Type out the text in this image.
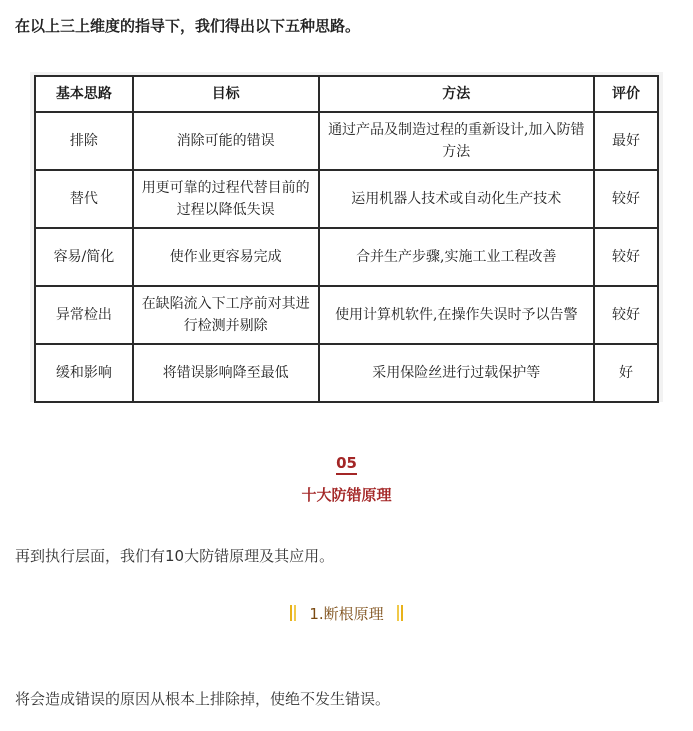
在以上三上维度的指导下，我们得出以下五种思路。
基本思路	目标	方法	评价
排除	消除可能的错误	通过产品及制造过程的重新设计,加入防错方法	最好
替代	用更可靠的过程代替目前的过程以降低失误	运用机器人技术或自动化生产技术	较好
容易/简化	使作业更容易完成	合并生产步骤,实施工业工程改善	较好
异常检出	在缺陷流入下工序前对其进行检测并剔除	使用计算机软件,在操作失误时予以告警	较好
缓和影响	将错误影响降至最低	采用保险丝进行过载保护等	好
05
十大防错原理
再到执行层面，我们有10大防错原理及其应用。
1.断根原理
将会造成错误的原因从根本上排除掉，使绝不发生错误。
